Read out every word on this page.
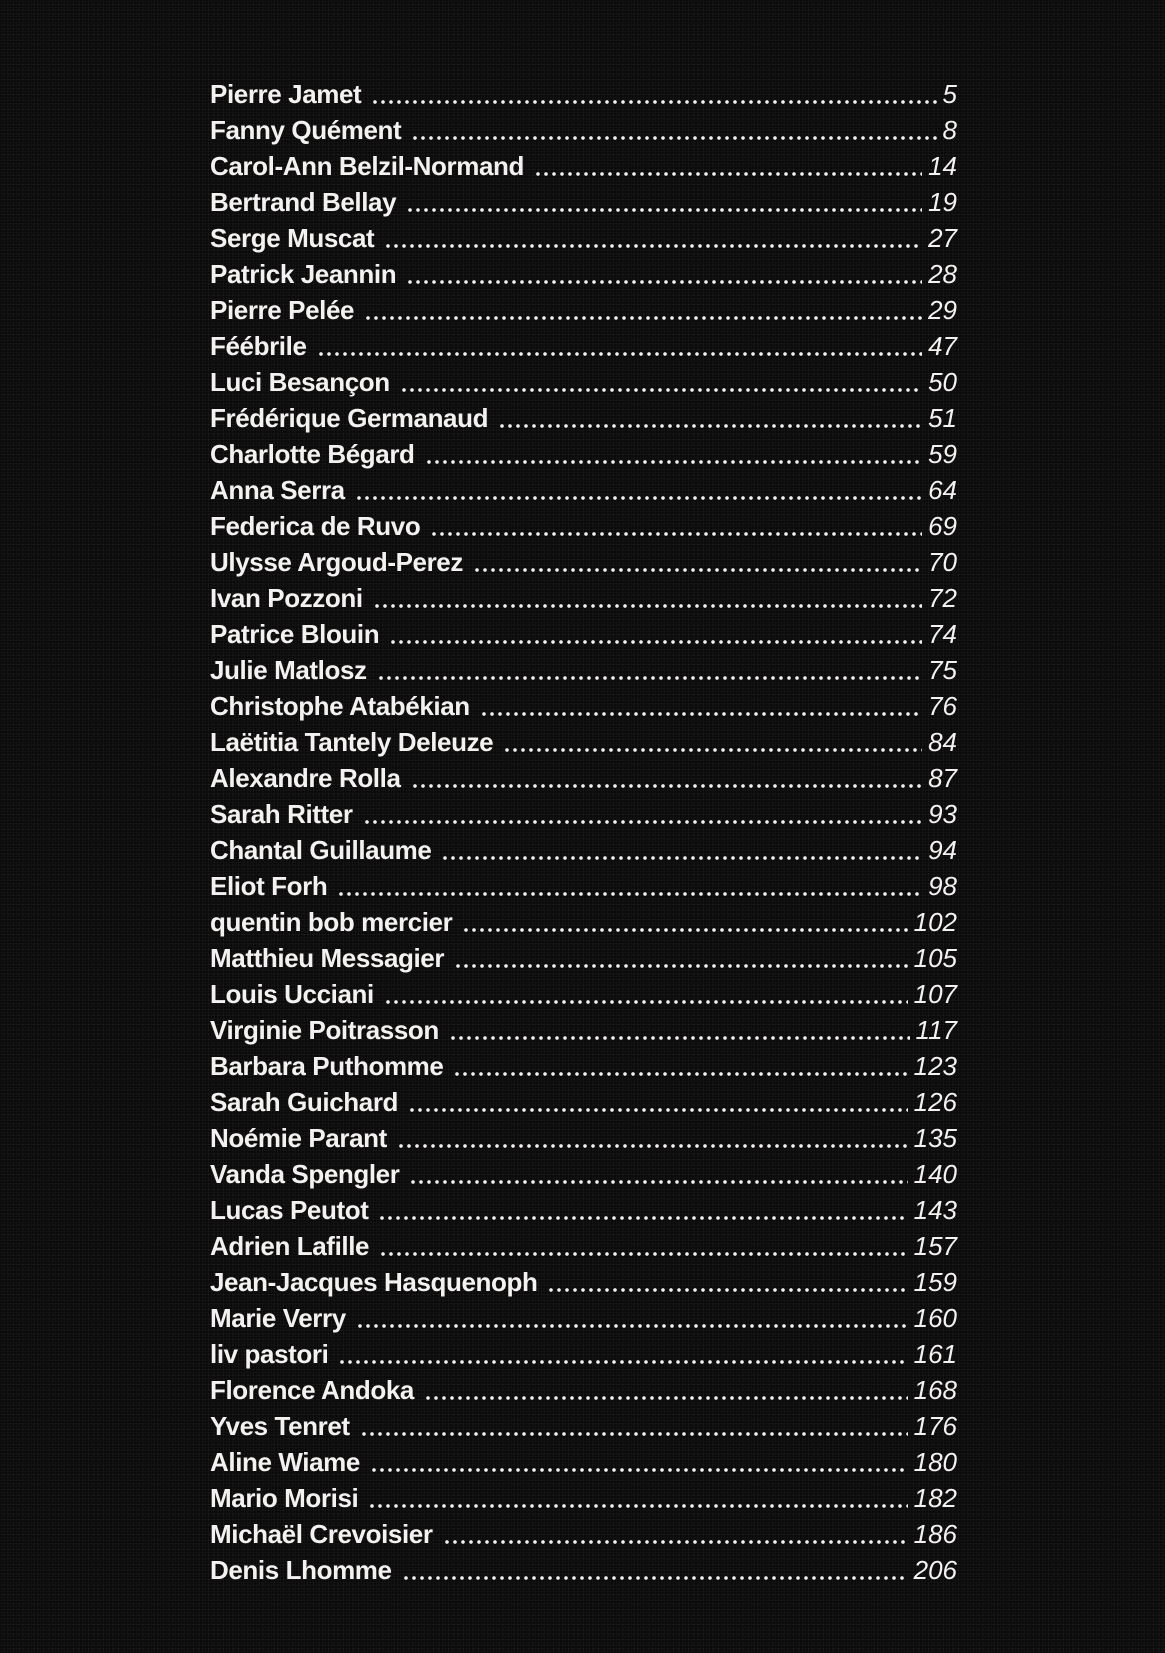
Pierre Jamet	5
Fanny Quément	8
Carol-Ann Belzil-Normand	14
Bertrand Bellay	19
Serge Muscat	27
Patrick Jeannin	28
Pierre Pelée	29
Féébrile	47
Luci Besançon	50
Frédérique Germanaud	51
Charlotte Bégard	59
Anna Serra	64
Federica de Ruvo	69
Ulysse Argoud-Perez	70
Ivan Pozzoni	72
Patrice Blouin	74
Julie Matlosz	75
Christophe Atabékian	76
Laëtitia Tantely Deleuze	84
Alexandre Rolla	87
Sarah Ritter	93
Chantal Guillaume	94
Eliot Forh	98
quentin bob mercier	102
Matthieu Messagier	105
Louis Ucciani	107
Virginie Poitrasson	117
Barbara Puthomme	123
Sarah Guichard	126
Noémie Parant	135
Vanda Spengler	140
Lucas Peutot	143
Adrien Lafille	157
Jean-Jacques Hasquenoph	159
Marie Verry	160
liv pastori	161
Florence Andoka	168
Yves Tenret	176
Aline Wiame	180
Mario Morisi	182
Michaël Crevoisier	186
Denis Lhomme	206
